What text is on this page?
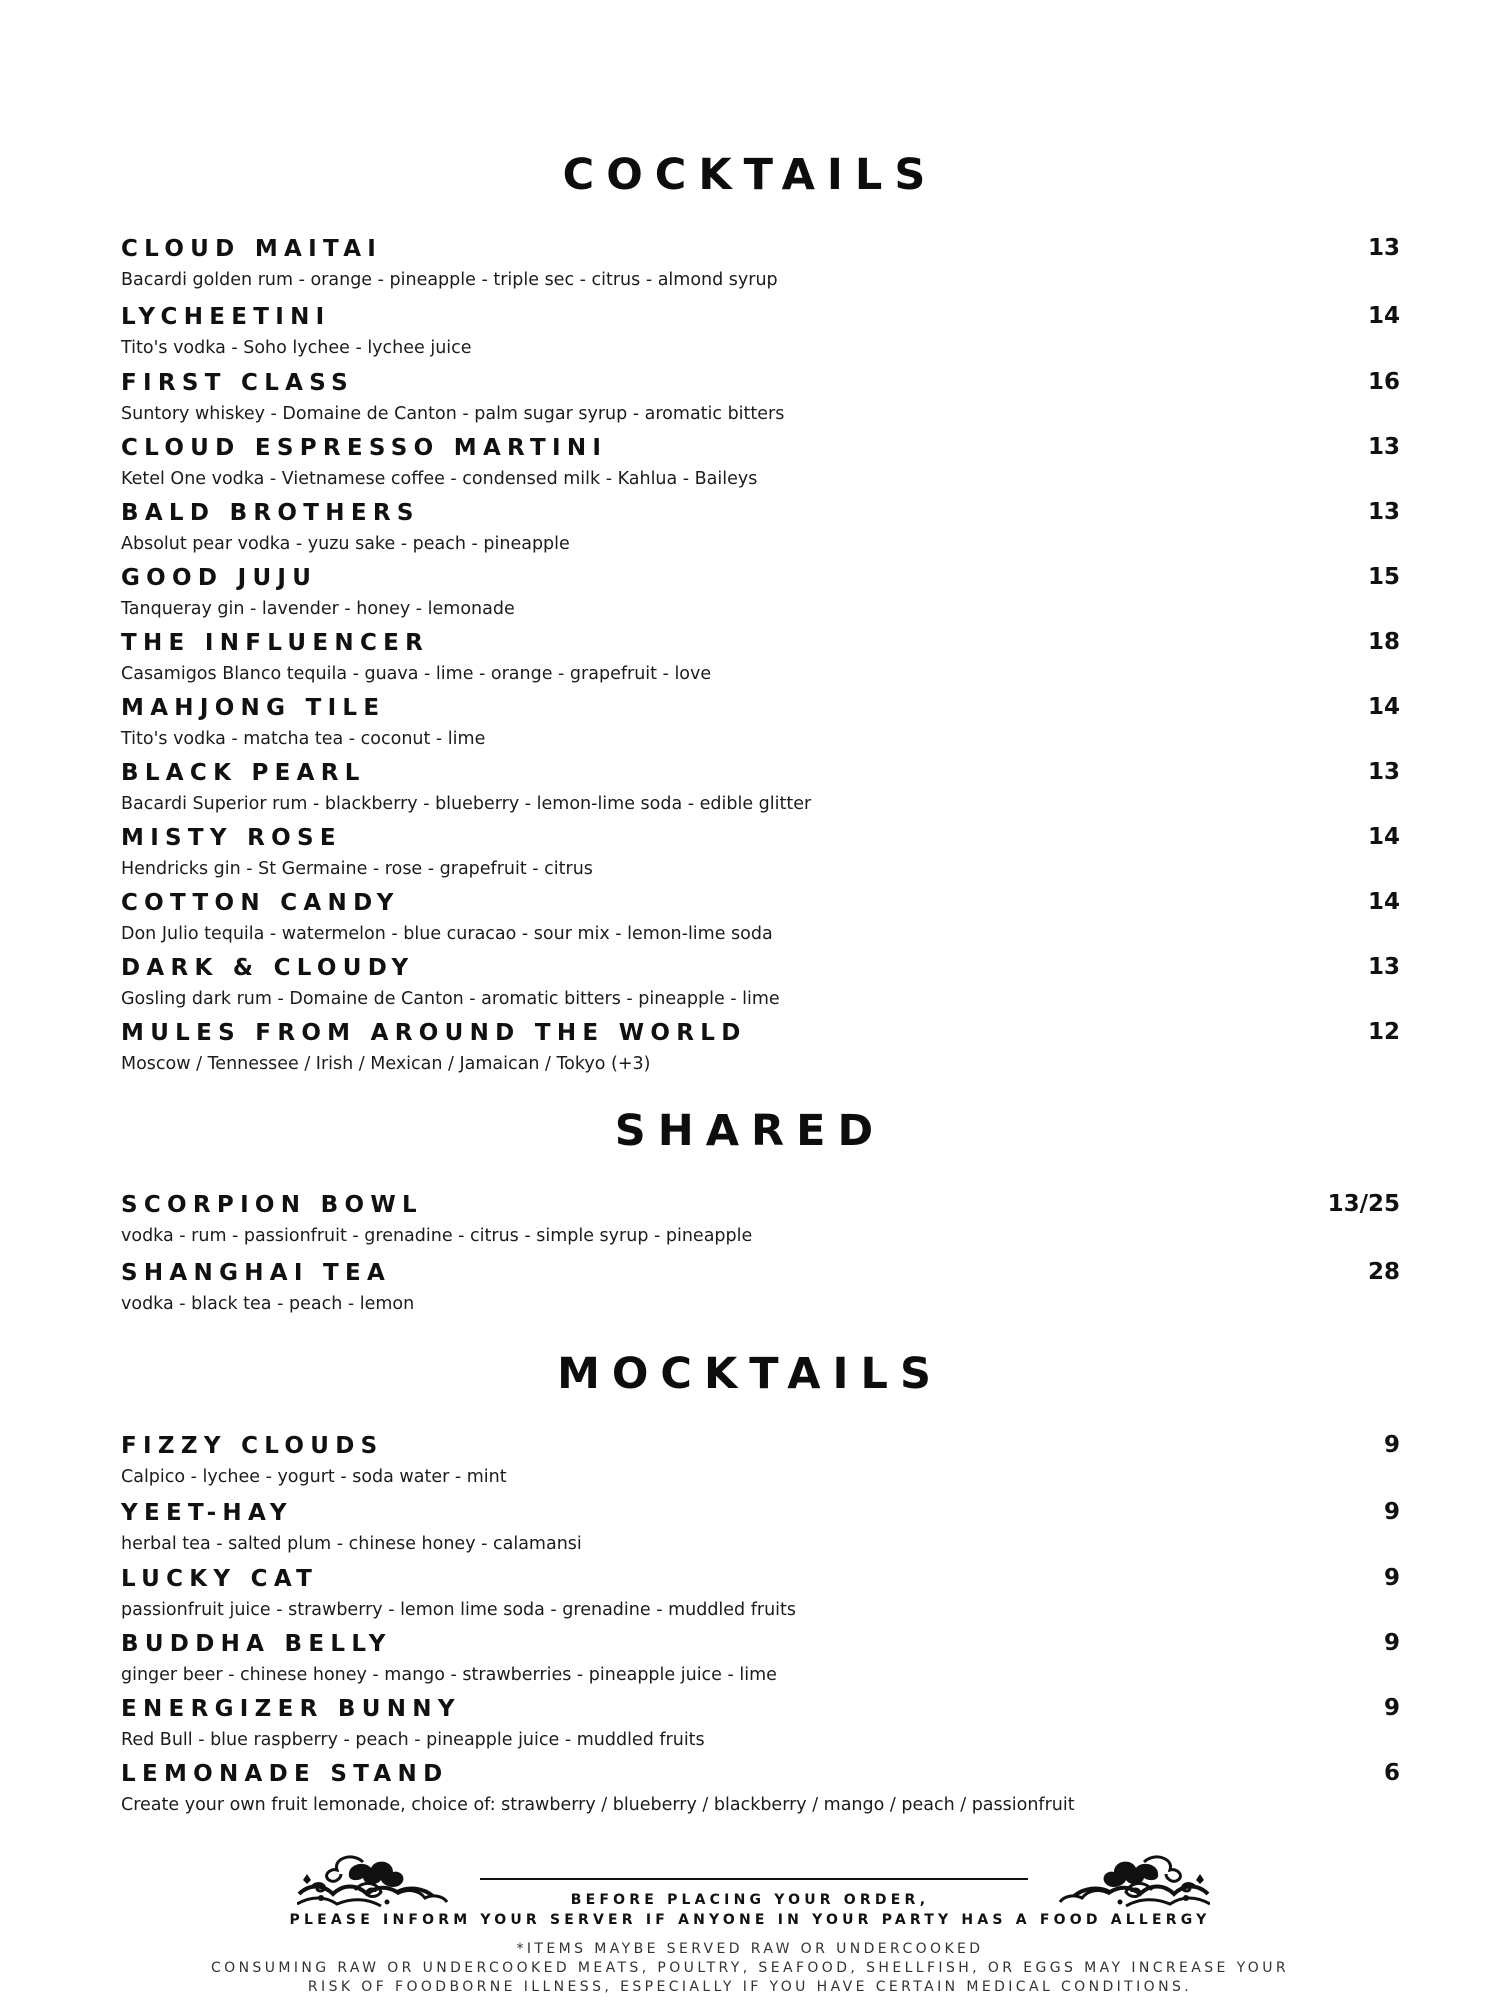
COCKTAILS
CLOUD MAITAI
Bacardi golden rum - orange - pineapple - triple sec - citrus - almond syrup
13
LYCHEETINI
Tito's vodka - Soho lychee - lychee juice
14
FIRST CLASS
Suntory whiskey - Domaine de Canton - palm sugar syrup - aromatic bitters
16
CLOUD ESPRESSO MARTINI
Ketel One vodka - Vietnamese coffee - condensed milk - Kahlua - Baileys
13
BALD BROTHERS
Absolut pear vodka - yuzu sake - peach - pineapple
13
GOOD JUJU
Tanqueray gin - lavender - honey - lemonade
15
THE INFLUENCER
Casamigos Blanco tequila - guava - lime - orange - grapefruit - love
18
MAHJONG TILE
Tito's vodka - matcha tea - coconut - lime
14
BLACK PEARL
Bacardi Superior rum - blackberry - blueberry - lemon-lime soda - edible glitter
13
MISTY ROSE
Hendricks gin - St Germaine - rose - grapefruit - citrus
14
COTTON CANDY
Don Julio tequila - watermelon - blue curacao - sour mix - lemon-lime soda
14
DARK & CLOUDY
Gosling dark rum - Domaine de Canton - aromatic bitters - pineapple - lime
13
MULES FROM AROUND THE WORLD
Moscow / Tennessee / Irish / Mexican / Jamaican / Tokyo (+3)
12
SHARED
SCORPION BOWL
vodka - rum - passionfruit - grenadine - citrus - simple syrup - pineapple
13/25
SHANGHAI TEA
vodka - black tea - peach - lemon
28
MOCKTAILS
FIZZY CLOUDS
Calpico - lychee - yogurt - soda water - mint
9
YEET-HAY
herbal tea - salted plum - chinese honey - calamansi
9
LUCKY CAT
passionfruit juice - strawberry - lemon lime soda - grenadine - muddled fruits
9
BUDDHA BELLY
ginger beer - chinese honey - mango - strawberries - pineapple juice - lime
9
ENERGIZER BUNNY
Red Bull - blue raspberry - peach - pineapple juice - muddled fruits
9
LEMONADE STAND
Create your own fruit lemonade, choice of: strawberry / blueberry / blackberry / mango / peach / passionfruit
6
BEFORE PLACING YOUR ORDER,
PLEASE INFORM YOUR SERVER IF ANYONE IN YOUR PARTY HAS A FOOD ALLERGY
*ITEMS MAYBE SERVED RAW OR UNDERCOOKED
CONSUMING RAW OR UNDERCOOKED MEATS, POULTRY, SEAFOOD, SHELLFISH, OR EGGS MAY INCREASE YOUR
RISK OF FOODBORNE ILLNESS, ESPECIALLY IF YOU HAVE CERTAIN MEDICAL CONDITIONS.
